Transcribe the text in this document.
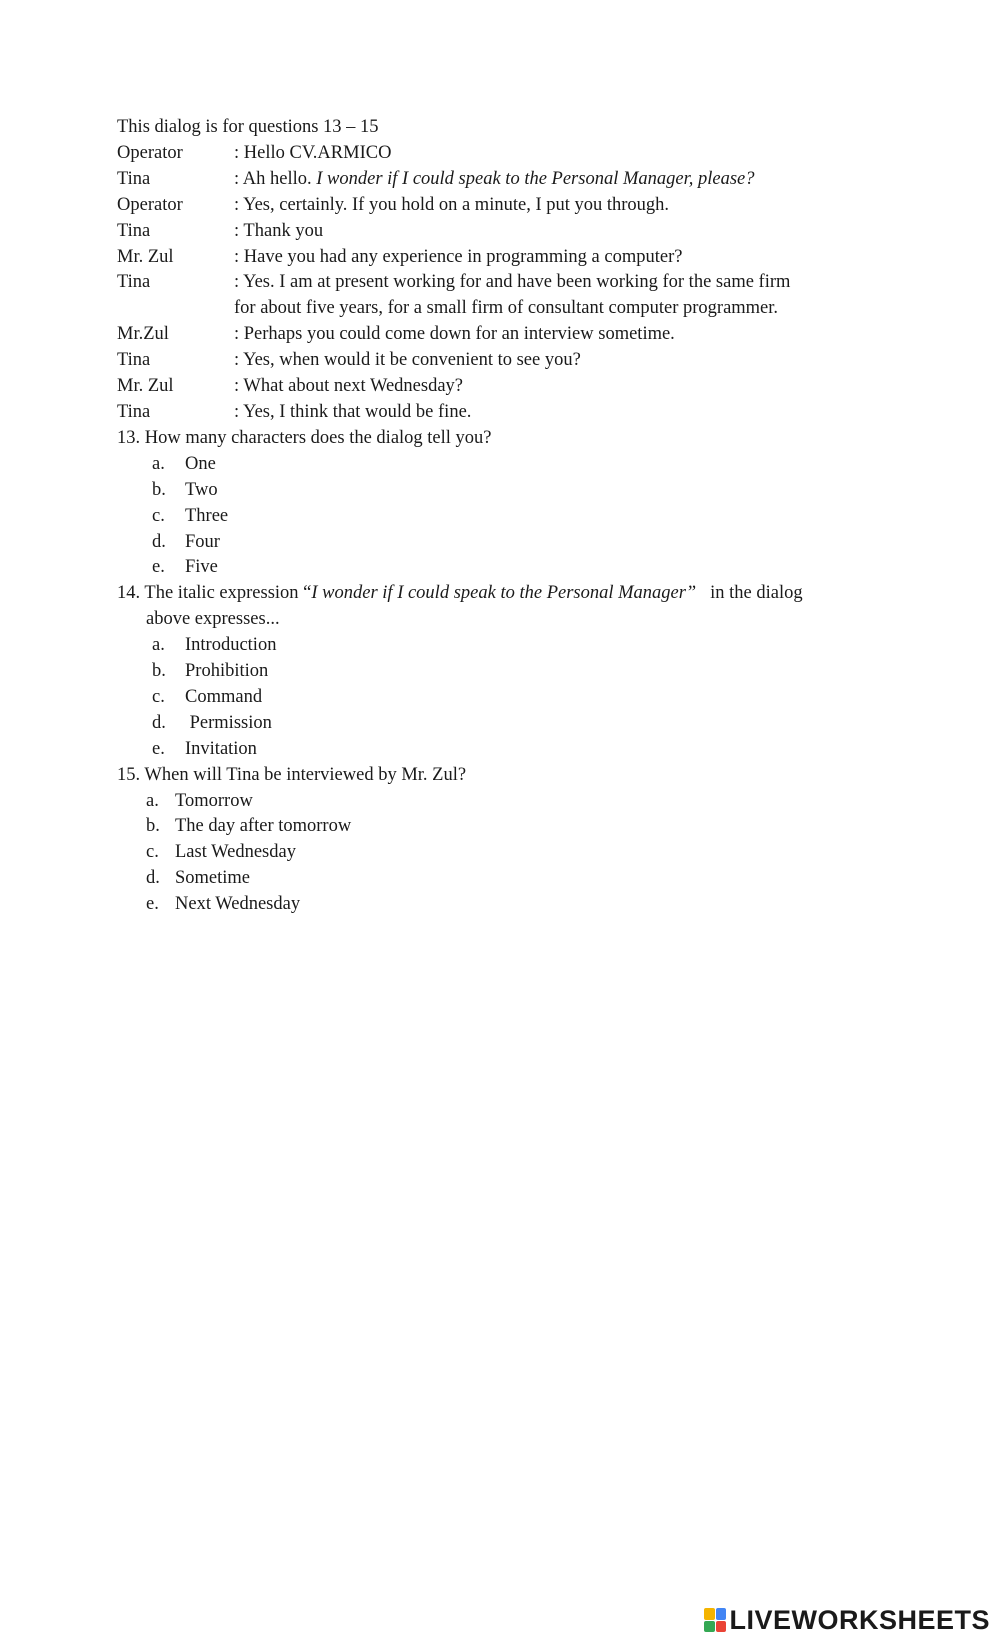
This dialog is for questions 13 – 15
Operator	: Hello CV.ARMICO
Tina	: Ah hello. I wonder if I could speak to the Personal Manager, please?
Operator	: Yes, certainly. If you hold on a minute, I put you through.
Tina	: Thank you
Mr. Zul	: Have you had any experience in programming a computer?
Tina	: Yes. I am at present working for and have been working for the same firm
for about five years, for a small firm of consultant computer programmer.
Mr.Zul	: Perhaps you could come down for an interview sometime.
Tina	: Yes, when would it be convenient to see you?
Mr. Zul	: What about next Wednesday?
Tina	: Yes, I think that would be fine.
13. How many characters does the dialog tell you?
a.	One
b.	Two
c.	Three
d.	Four
e.	Five
14. The italic expression “I wonder if I could speak to the Personal Manager”   in the dialog
above expresses...
a.	Introduction
b.	Prohibition
c.	Command
d.	Permission
e.	Invitation
15. When will Tina be interviewed by Mr. Zul?
a. Tomorrow
b. The day after tomorrow
c. Last Wednesday
d. Sometime
e. Next Wednesday
LIVEWORKSHEETS
